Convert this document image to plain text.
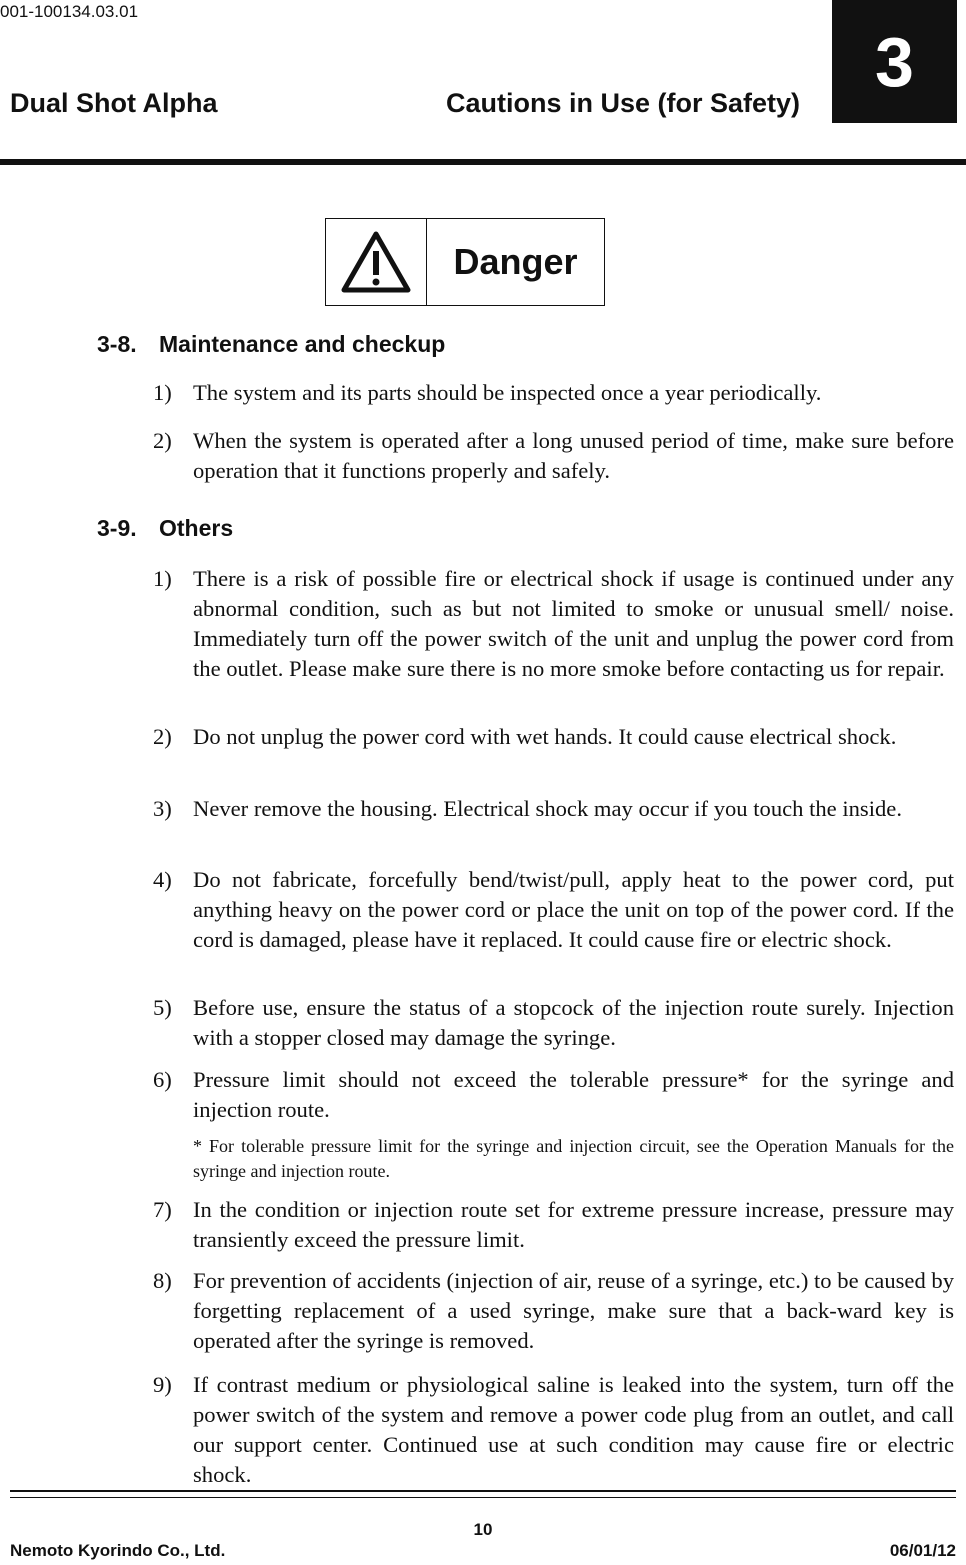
001-100134.03.01
Dual Shot Alpha	Cautions in Use (for Safety)
3
Danger
3-8. Maintenance and checkup
1) The system and its parts should be inspected once a year periodically.
2) When the system is operated after a long unused period of time, make sure before operation that it functions properly and safely.
3-9. Others
1) There is a risk of possible fire or electrical shock if usage is continued under any abnormal condition, such as but not limited to smoke or unusual smell/ noise. Immediately turn off the power switch of the unit and unplug the power cord from the outlet. Please make sure there is no more smoke before contacting us for repair.
2) Do not unplug the power cord with wet hands. It could cause electrical shock.
3) Never remove the housing. Electrical shock may occur if you touch the inside.
4) Do not fabricate, forcefully bend/twist/pull, apply heat to the power cord, put anything heavy on the power cord or place the unit on top of the power cord. If the cord is damaged, please have it replaced. It could cause fire or electric shock.
5) Before use, ensure the status of a stopcock of the injection route surely. Injection with a stopper closed may damage the syringe.
6) Pressure limit should not exceed the tolerable pressure* for the syringe and injection route.
* For tolerable pressure limit for the syringe and injection circuit, see the Operation Manuals for the syringe and injection route.
7) In the condition or injection route set for extreme pressure increase, pressure may transiently exceed the pressure limit.
8) For prevention of accidents (injection of air, reuse of a syringe, etc.) to be caused by forgetting replacement of a used syringe, make sure that a back-ward key is operated after the syringe is removed.
9) If contrast medium or physiological saline is leaked into the system, turn off the power switch of the system and remove a power code plug from an outlet, and call our support center. Continued use at such condition may cause fire or electric shock.
10
Nemoto Kyorindo Co., Ltd.	06/01/12
